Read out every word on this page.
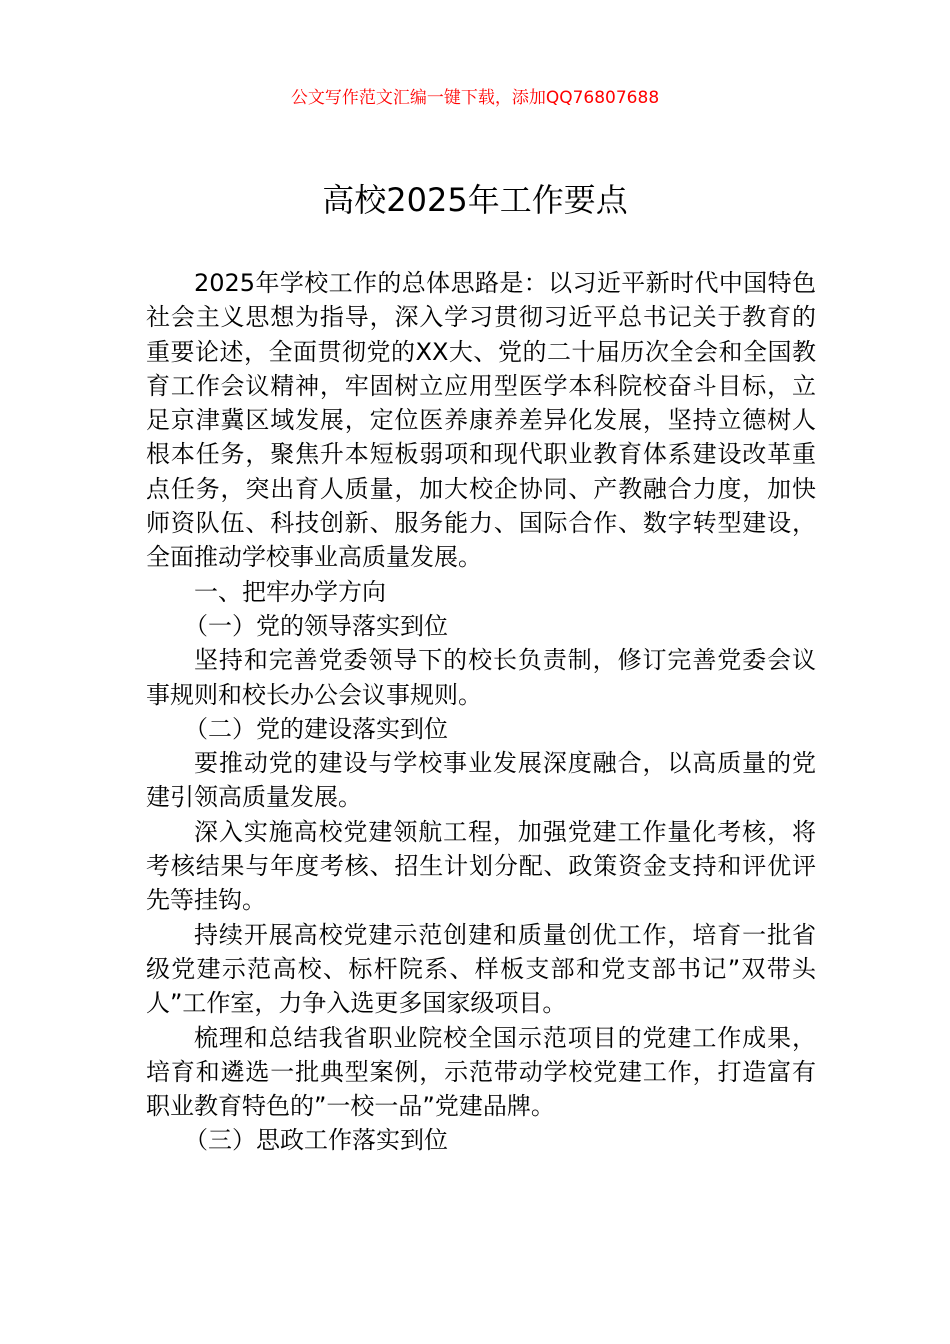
公文写作范文汇编一键下载，添加QQ76807688
高校2025年工作要点

2025年学校工作的总体思路是：以习近平新时代中国特色社会主义思想为指导，深入学习贯彻习近平总书记关于教育的重要论述，全面贯彻党的XX大、党的二十届历次全会和全国教育工作会议精神，牢固树立应用型医学本科院校奋斗目标，立足京津冀区域发展，定位医养康养差异化发展，坚持立德树人根本任务，聚焦升本短板弱项和现代职业教育体系建设改革重点任务，突出育人质量，加大校企协同、产教融合力度，加快师资队伍、科技创新、服务能力、国际合作、数字转型建设，全面推动学校事业高质量发展。

一、把牢办学方向

（一）党的领导落实到位

坚持和完善党委领导下的校长负责制，修订完善党委会议事规则和校长办公会议事规则。

（二）党的建设落实到位

要推动党的建设与学校事业发展深度融合，以高质量的党建引领高质量发展。

深入实施高校党建领航工程，加强党建工作量化考核，将考核结果与年度考核、招生计划分配、政策资金支持和评优评先等挂钩。

持续开展高校党建示范创建和质量创优工作，培育一批省级党建示范高校、标杆院系、样板支部和党支部书记”双带头人”工作室，力争入选更多国家级项目。

梳理和总结我省职业院校全国示范项目的党建工作成果，培育和遴选一批典型案例，示范带动学校党建工作，打造富有职业教育特色的”一校一品”党建品牌。

（三）思政工作落实到位
